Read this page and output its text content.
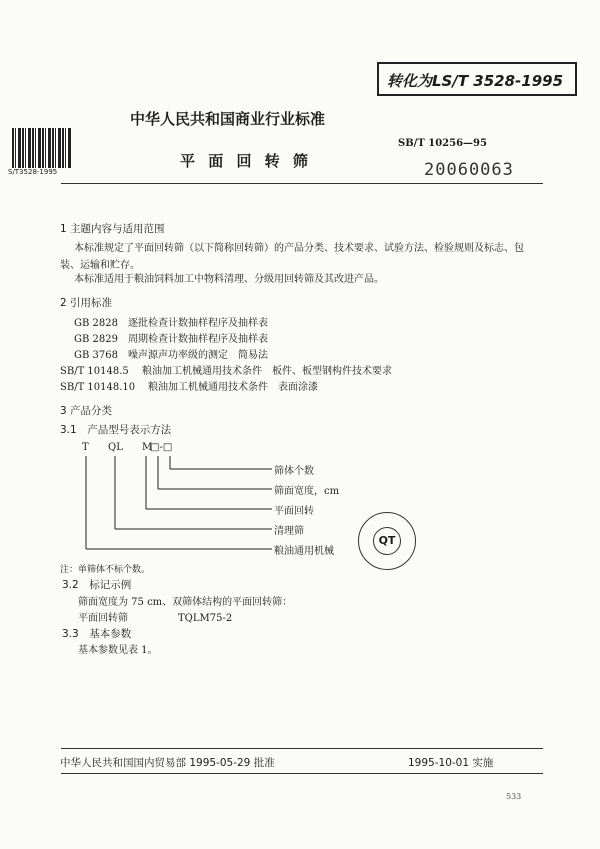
转化为LS/T 3528-1995
S/T3528-1995
中华人民共和国商业行业标准
SB/T 10256—95
平 面 回 转 筛	20060063
1 主题内容与适用范围
本标准规定了平面回转筛（以下简称回转筛）的产品分类、技术要求、试验方法、检验规则及标志、包
装、运输和贮存。
本标准适用于粮油饲料加工中物料清理、分级用回转筛及其改进产品。
2 引用标准
GB 2828 逐批检查计数抽样程序及抽样表
GB 2829 周期检查计数抽样程序及抽样表
GB 3768 噪声源声功率级的测定　简易法
SB/T 10148.5 粮油加工机械通用技术条件　板件、板型钢构件技术要求
SB/T 10148.10 粮油加工机械通用技术条件　表面涂漆
3 产品分类
3.1　产品型号表示方法
T QL M
□-□
筛体个数
筛面宽度，cm
平面回转
清理筛
粮油通用机械
QT
注：单筛体不标个数。
3.2　标记示例
筛面宽度为 75 cm、双筛体结构的平面回转筛：
平面回转筛	TQLM75-2
3.3　基本参数
基本参数见表 1。
中华人民共和国国内贸易部 1995-05-29 批准	1995-10-01 实施
533
